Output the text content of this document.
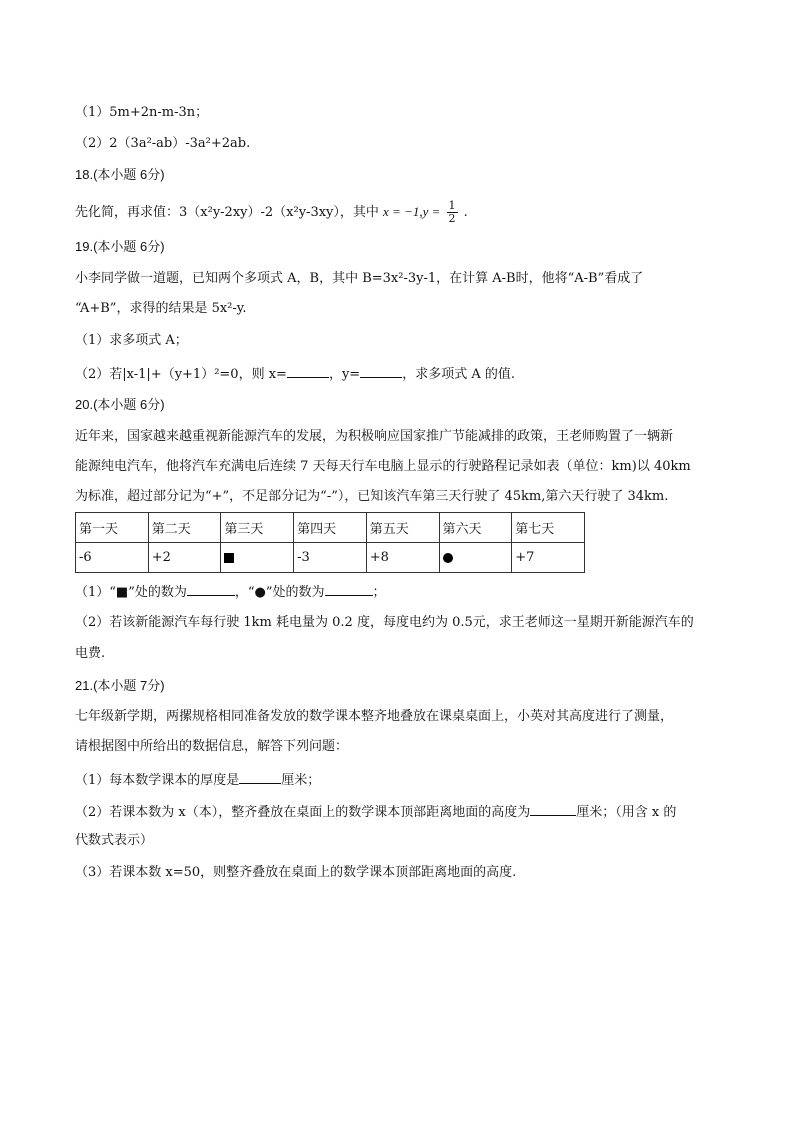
（1）5m+2n-m-3n；
（2）2（3a²-ab）-3a²+2ab.
18.(本小题 6分)
先化简，再求值：3（x²y-2xy）-2（x²y-3xy），其中 $x = -1,y = \frac{1}{2}$ .
19.(本小题 6分)
小李同学做一道题，已知两个多项式 A，B，其中 B=3x²-3y-1，在计算 A-B时，他将“A-B”看成了
“A+B”，求得的结果是 5x²-y.
（1）求多项式 A；
（2）若|x-1|+（y+1）²=0，则 x=	，y=	，求多项式 A 的值.
20.(本小题 6分)
近年来，国家越来越重视新能源汽车的发展，为积极响应国家推广节能减排的政策，王老师购置了一辆新
能源纯电汽车，他将汽车充满电后连续 7 天每天行车电脑上显示的行驶路程记录如表（单位：km)以 40km
为标准，超过部分记为“+”，不足部分记为“-”），已知该汽车第三天行驶了 45km,第六天行驶了 34km.
第一天	第二天	第三天	第四天	第五天	第六天	第七天
-6	+2		-3	+8		+7
（1）“■”处的数为	，“●”处的数为	；
（2）若该新能源汽车每行驶 1km 耗电量为 0.2 度，每度电约为 0.5元，求王老师这一星期开新能源汽车的
电费.
21.(本小题 7分)
七年级新学期，两摞规格相同准备发放的数学课本整齐地叠放在课桌桌面上，小英对其高度进行了测量，
请根据图中所给出的数据信息，解答下列问题：
（1）每本数学课本的厚度是	厘米；
（2）若课本数为 x（本），整齐叠放在桌面上的数学课本顶部距离地面的高度为	厘米；（用含 x 的
代数式表示）
（3）若课本数 x=50，则整齐叠放在桌面上的数学课本顶部距离地面的高度.
